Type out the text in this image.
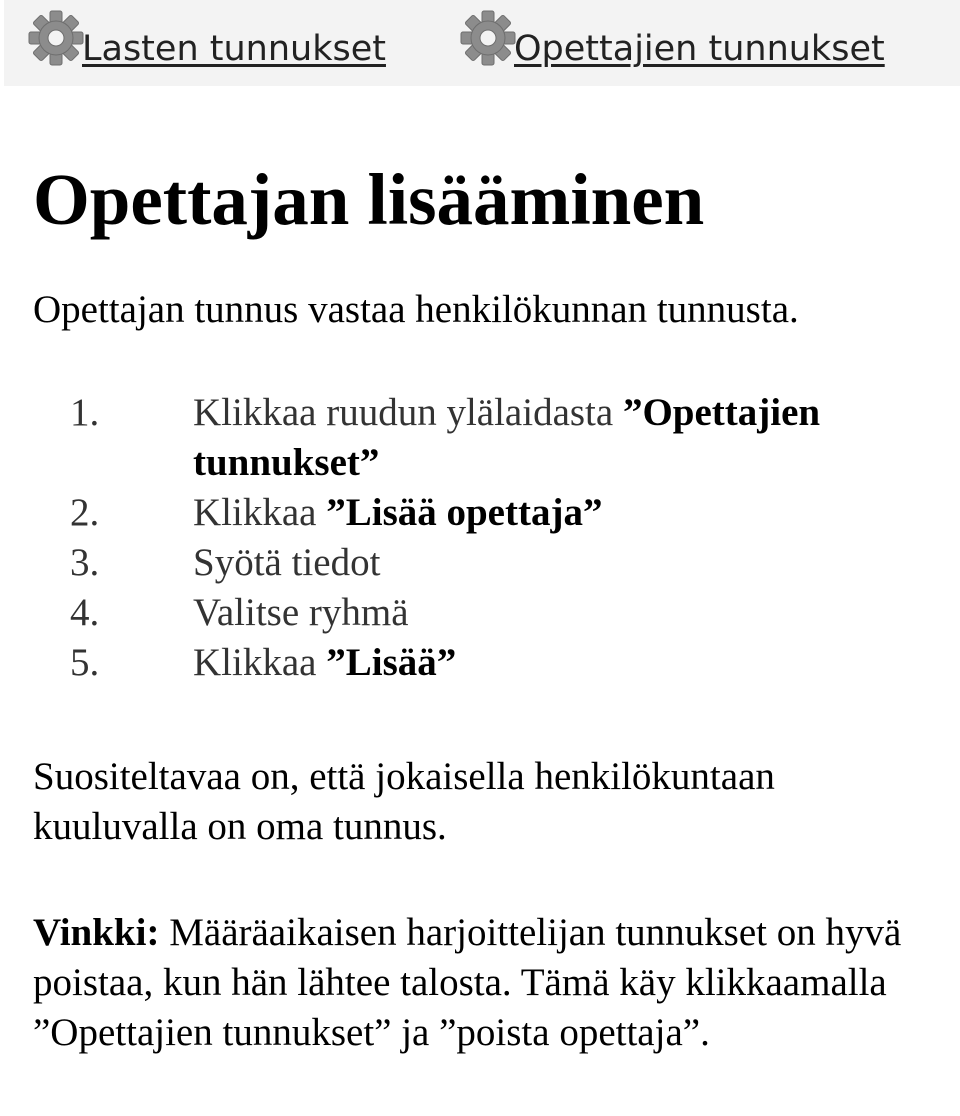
Lasten tunnukset	Opettajien tunnukset
Opettajan lisääminen

Opettajan tunnus vastaa henkilökunnan tunnusta.

1. Klikkaa ruudun ylälaidasta ”Opettajien tunnukset”
2. Klikkaa ”Lisää opettaja”
3. Syötä tiedot
4. Valitse ryhmä
5. Klikkaa ”Lisää”

Suositeltavaa on, että jokaisella henkilökuntaan kuuluvalla on oma tunnus.

Vinkki: Määräaikaisen harjoittelijan tunnukset on hyvä poistaa, kun hän lähtee talosta. Tämä käy klikkaamalla ”Opettajien tunnukset” ja ”poista opettaja”.
